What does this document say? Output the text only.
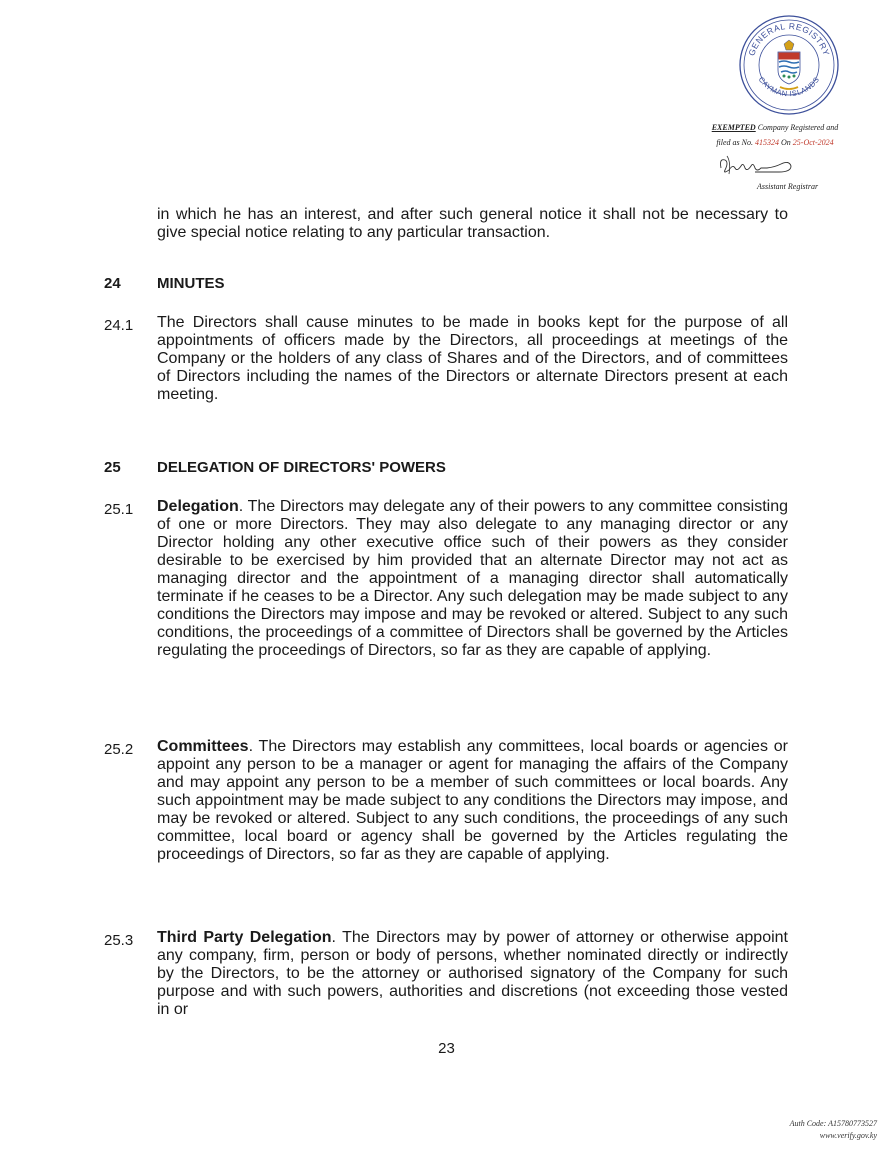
GENERAL REGISTRY
CAYMAN ISLANDS
EXEMPTED Company Registered and
filed as No. 415324 On 25-Oct-2024
Assistant Registrar
in which he has an interest, and after such general notice it shall not be necessary to give special notice relating to any particular transaction.
24 MINUTES
24.1 The Directors shall cause minutes to be made in books kept for the purpose of all appointments of officers made by the Directors, all proceedings at meetings of the Company or the holders of any class of Shares and of the Directors, and of committees of Directors including the names of the Directors or alternate Directors present at each meeting.
25 DELEGATION OF DIRECTORS' POWERS
25.1 Delegation. The Directors may delegate any of their powers to any committee consisting of one or more Directors. They may also delegate to any managing director or any Director holding any other executive office such of their powers as they consider desirable to be exercised by him provided that an alternate Director may not act as managing director and the appointment of a managing director shall automatically terminate if he ceases to be a Director. Any such delegation may be made subject to any conditions the Directors may impose and may be revoked or altered. Subject to any such conditions, the proceedings of a committee of Directors shall be governed by the Articles regulating the proceedings of Directors, so far as they are capable of applying.
25.2 Committees. The Directors may establish any committees, local boards or agencies or appoint any person to be a manager or agent for managing the affairs of the Company and may appoint any person to be a member of such committees or local boards. Any such appointment may be made subject to any conditions the Directors may impose, and may be revoked or altered. Subject to any such conditions, the proceedings of any such committee, local board or agency shall be governed by the Articles regulating the proceedings of Directors, so far as they are capable of applying.
25.3 Third Party Delegation. The Directors may by power of attorney or otherwise appoint any company, firm, person or body of persons, whether nominated directly or indirectly by the Directors, to be the attorney or authorised signatory of the Company for such purpose and with such powers, authorities and discretions (not exceeding those vested in or
23
Auth Code: A15780773527
www.verify.gov.ky
